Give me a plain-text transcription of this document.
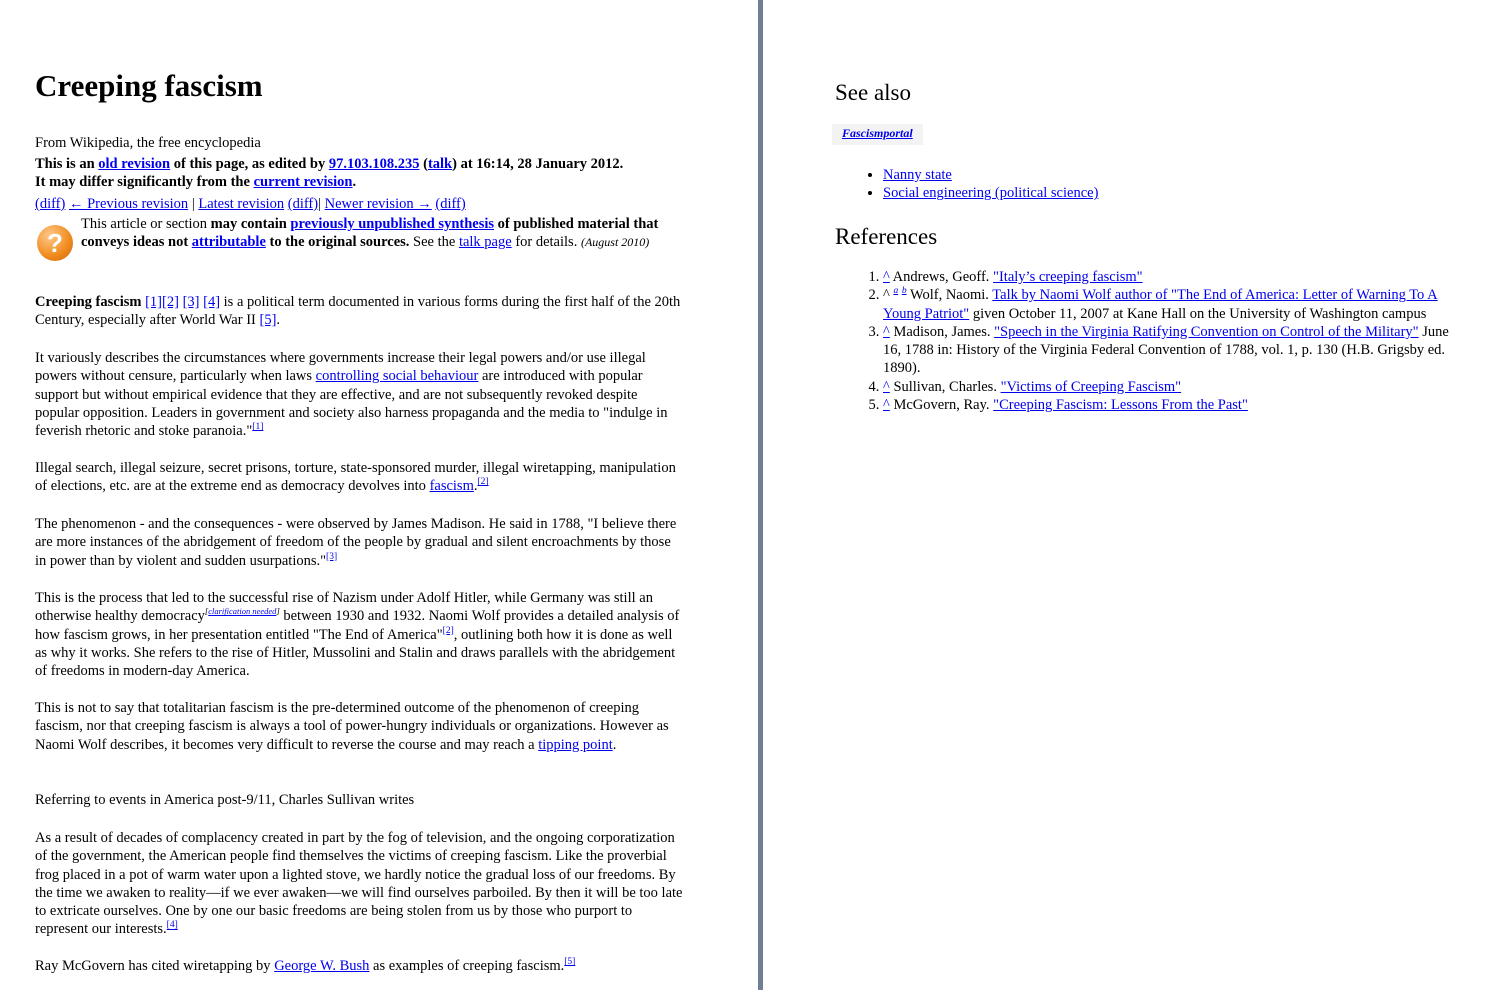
Creeping fascism
From Wikipedia, the free encyclopedia
This is an old revision of this page, as edited by 97.103.108.235 (talk) at 16:14, 28 January 2012.
It may differ significantly from the current revision.
(diff) ← Previous revision | Latest revision (diff)| Newer revision → (diff)
?
This article or section may contain previously unpublished synthesis of published material that conveys ideas not attributable to the original sources. See the talk page for details. (August 2010)
Creeping fascism [1][2] [3] [4] is a political term documented in various forms during the first half of the 20th Century, especially after World War II [5].
It variously describes the circumstances where governments increase their legal powers and/or use illegal powers without censure, particularly when laws controlling social behaviour are introduced with popular support but without empirical evidence that they are effective, and are not subsequently revoked despite popular opposition. Leaders in government and society also harness propaganda and the media to "indulge in feverish rhetoric and stoke paranoia."[1]
Illegal search, illegal seizure, secret prisons, torture, state-sponsored murder, illegal wiretapping, manipulation of elections, etc. are at the extreme end as democracy devolves into fascism.[2]
The phenomenon - and the consequences - were observed by James Madison. He said in 1788, "I believe there are more instances of the abridgement of freedom of the people by gradual and silent encroachments by those in power than by violent and sudden usurpations."[3]
This is the process that led to the successful rise of Nazism under Adolf Hitler, while Germany was still an otherwise healthy democracy[clarification needed] between 1930 and 1932. Naomi Wolf provides a detailed analysis of how fascism grows, in her presentation entitled "The End of America"[2], outlining both how it is done as well as why it works. She refers to the rise of Hitler, Mussolini and Stalin and draws parallels with the abridgement of freedoms in modern-day America.
This is not to say that totalitarian fascism is the pre-determined outcome of the phenomenon of creeping fascism, nor that creeping fascism is always a tool of power-hungry individuals or organizations. However as Naomi Wolf describes, it becomes very difficult to reverse the course and may reach a tipping point.
Referring to events in America post-9/11, Charles Sullivan writes
As a result of decades of complacency created in part by the fog of television, and the ongoing corporatization of the government, the American people find themselves the victims of creeping fascism. Like the proverbial frog placed in a pot of warm water upon a lighted stove, we hardly notice the gradual loss of our freedoms. By the time we awaken to reality—if we ever awaken—we will find ourselves parboiled. By then it will be too late to extricate ourselves. One by one our basic freedoms are being stolen from us by those who purport to represent our interests.[4]
Ray McGovern has cited wiretapping by George W. Bush as examples of creeping fascism.[5]
See also
Fascismportal
• Nanny state
• Social engineering (political science)
References
1. ^ Andrews, Geoff. "Italy’s creeping fascism"
2. ^ $^a$ $^b$ Wolf, Naomi. Talk by Naomi Wolf author of "The End of America: Letter of Warning To A Young Patriot" given October 11, 2007 at Kane Hall on the University of Washington campus
3. ^ Madison, James. "Speech in the Virginia Ratifying Convention on Control of the Military" June 16, 1788 in: History of the Virginia Federal Convention of 1788, vol. 1, p. 130 (H.B. Grigsby ed. 1890).
4. ^ Sullivan, Charles. "Victims of Creeping Fascism"
5. ^ McGovern, Ray. "Creeping Fascism: Lessons From the Past"
